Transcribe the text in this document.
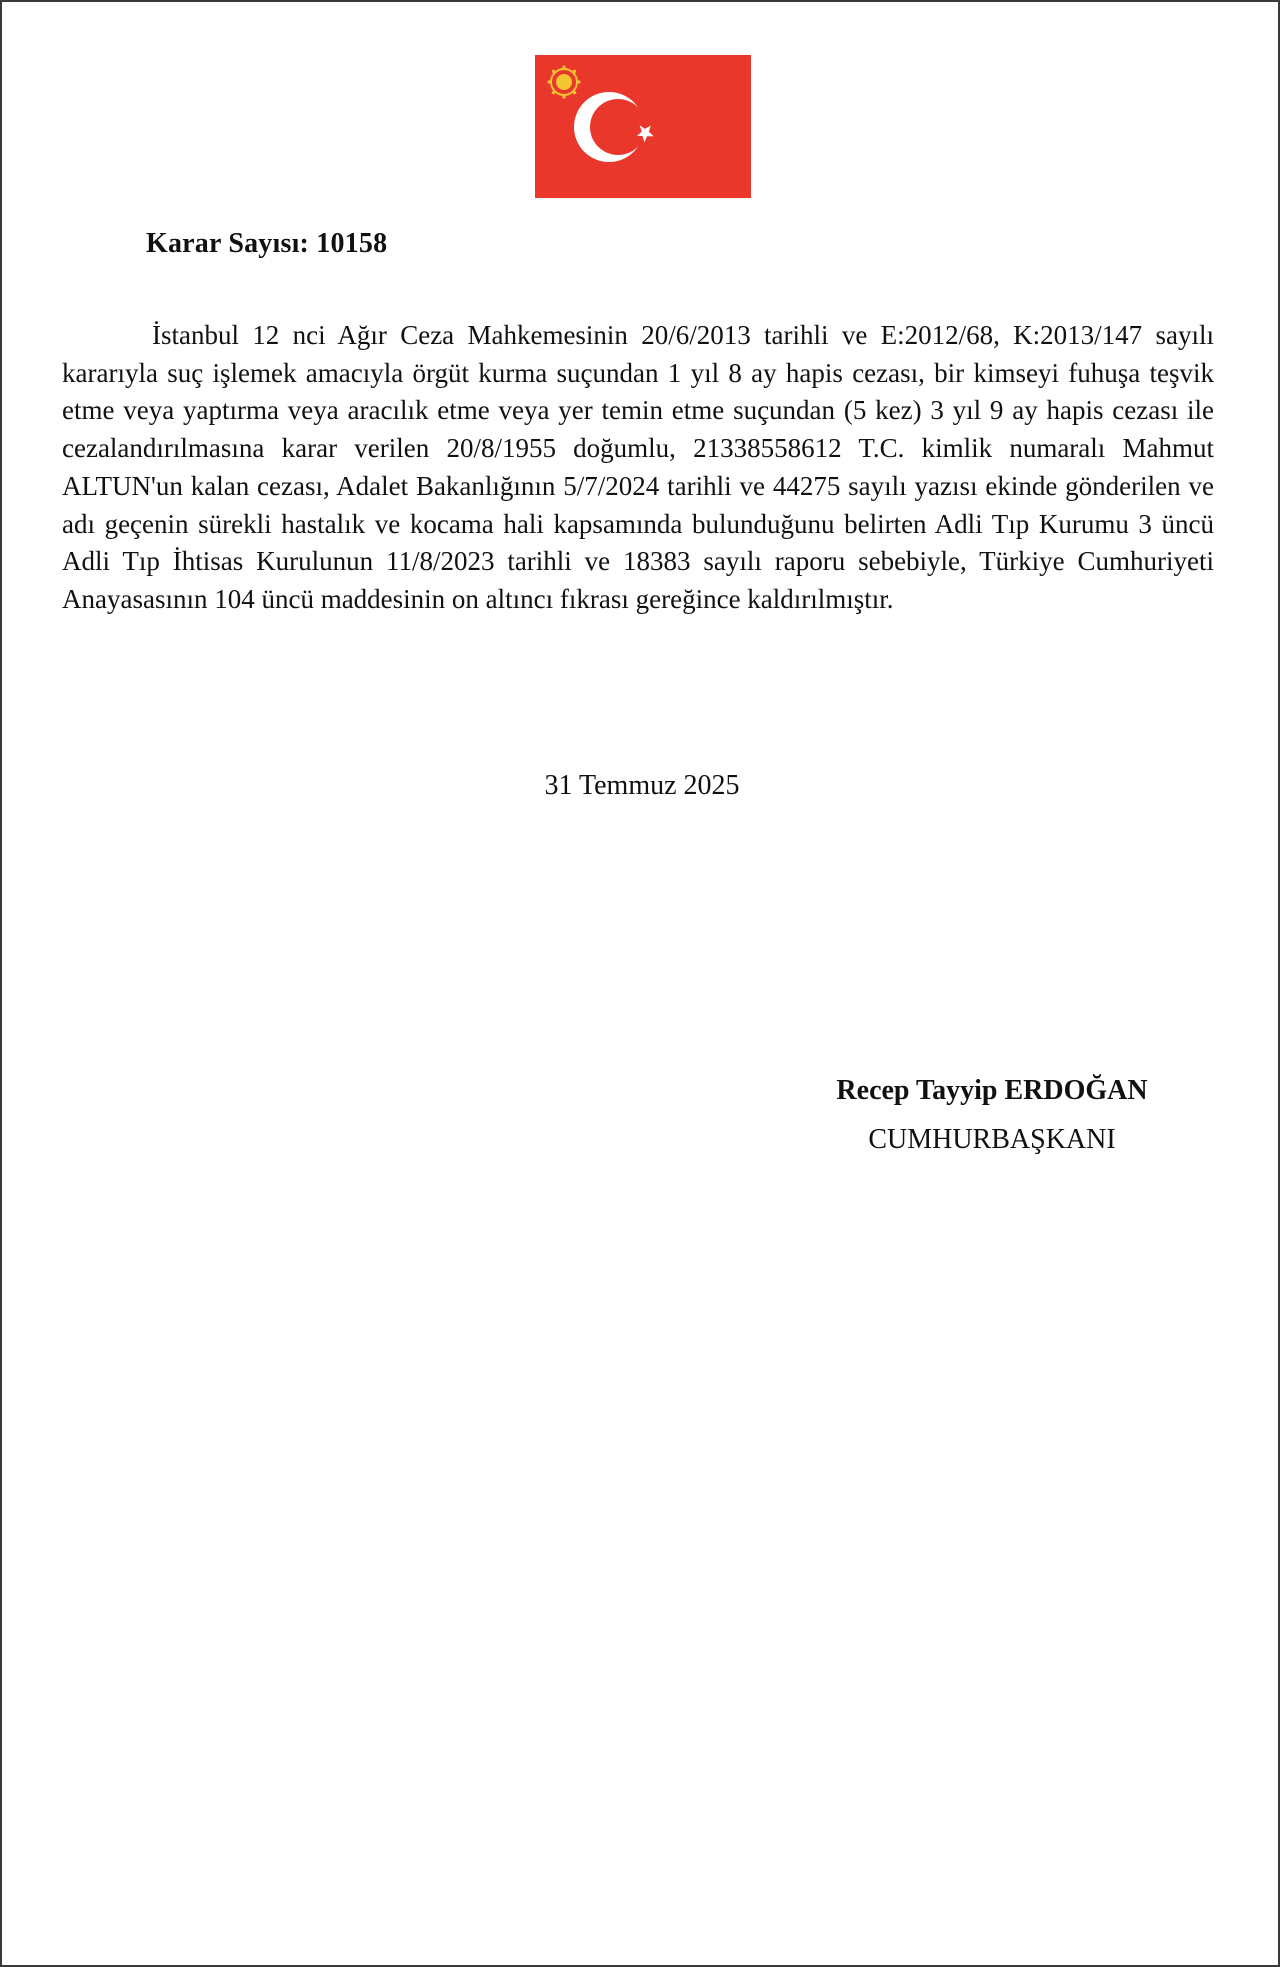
Karar Sayısı: 10158

İstanbul 12 nci Ağır Ceza Mahkemesinin 20/6/2013 tarihli ve E:2012/68, K:2013/147 sayılı kararıyla suç işlemek amacıyla örgüt kurma suçundan 1 yıl 8 ay hapis cezası, bir kimseyi fuhuşa teşvik etme veya yaptırma veya aracılık etme veya yer temin etme suçundan (5 kez) 3 yıl 9 ay hapis cezası ile cezalandırılmasına karar verilen 20/8/1955 doğumlu, 21338558612 T.C. kimlik numaralı Mahmut ALTUN'un kalan cezası, Adalet Bakanlığının 5/7/2024 tarihli ve 44275 sayılı yazısı ekinde gönderilen ve adı geçenin sürekli hastalık ve kocama hali kapsamında bulunduğunu belirten Adli Tıp Kurumu 3 üncü Adli Tıp İhtisas Kurulunun 11/8/2023 tarihli ve 18383 sayılı raporu sebebiyle, Türkiye Cumhuriyeti Anayasasının 104 üncü maddesinin on altıncı fıkrası gereğince kaldırılmıştır.

31 Temmuz 2025
Recep Tayyip ERDOĞAN
CUMHURBAŞKANI
